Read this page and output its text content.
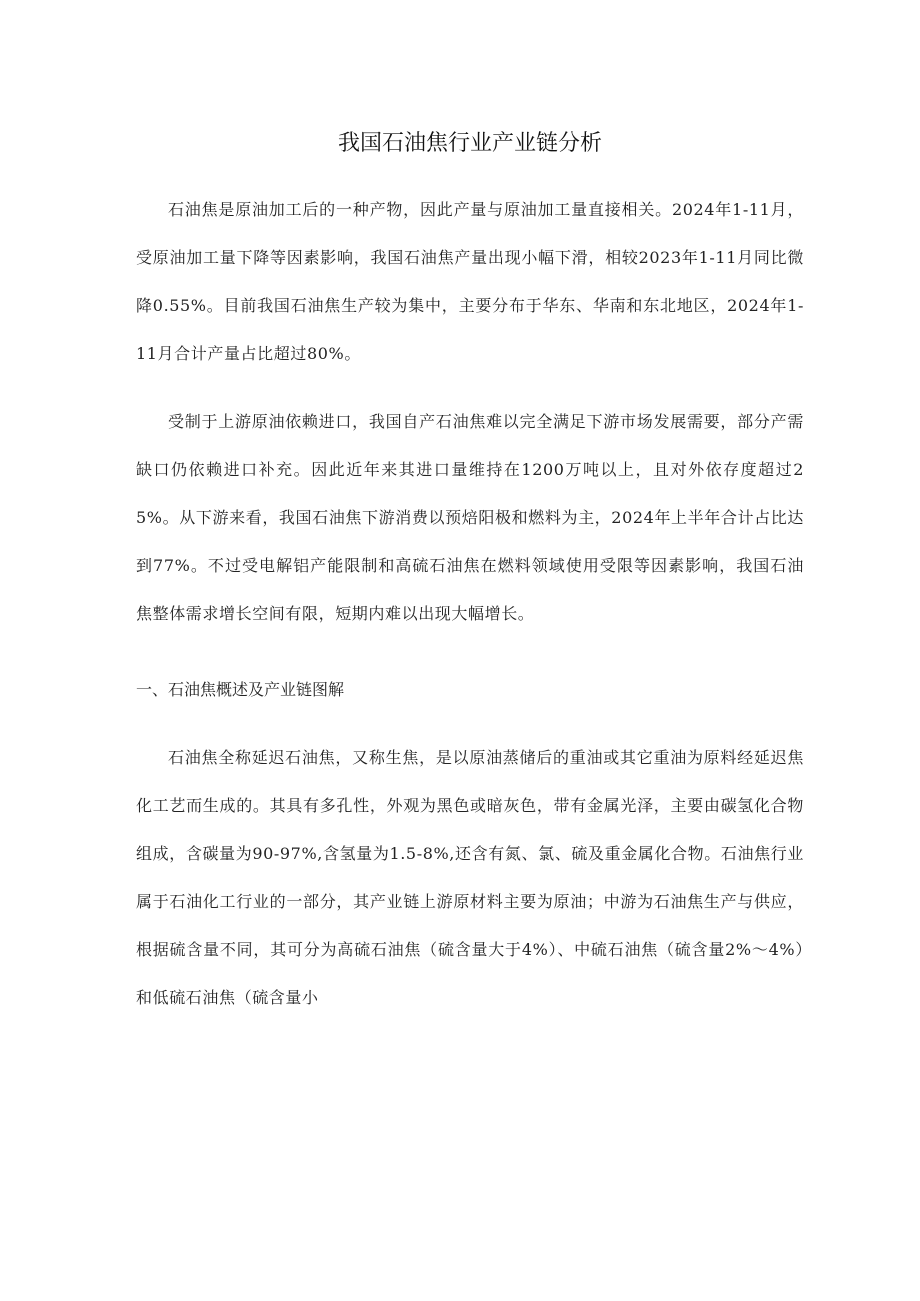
我国石油焦行业产业链分析

石油焦是原油加工后的一种产物，因此产量与原油加工量直接相关。2024年1-11月，受原油加工量下降等因素影响，我国石油焦产量出现小幅下滑，相较2023年1-11月同比微降0.55%。目前我国石油焦生产较为集中，主要分布于华东、华南和东北地区，2024年1-11月合计产量占比超过80%。

受制于上游原油依赖进口，我国自产石油焦难以完全满足下游市场发展需要，部分产需缺口仍依赖进口补充。因此近年来其进口量维持在1200万吨以上，且对外依存度超过25%。从下游来看，我国石油焦下游消费以预焙阳极和燃料为主，2024年上半年合计占比达到77%。不过受电解铝产能限制和高硫石油焦在燃料领域使用受限等因素影响，我国石油焦整体需求增长空间有限，短期内难以出现大幅增长。

一、石油焦概述及产业链图解

石油焦全称延迟石油焦，又称生焦，是以原油蒸储后的重油或其它重油为原料经延迟焦化工艺而生成的。其具有多孔性，外观为黑色或暗灰色，带有金属光泽，主要由碳氢化合物组成，含碳量为90-97%,含氢量为1.5-8%,还含有氮、氯、硫及重金属化合物。石油焦行业属于石油化工行业的一部分，其产业链上游原材料主要为原油；中游为石油焦生产与供应，根据硫含量不同，其可分为高硫石油焦（硫含量大于4%）、中硫石油焦（硫含量2%～4%）和低硫石油焦（硫含量小
